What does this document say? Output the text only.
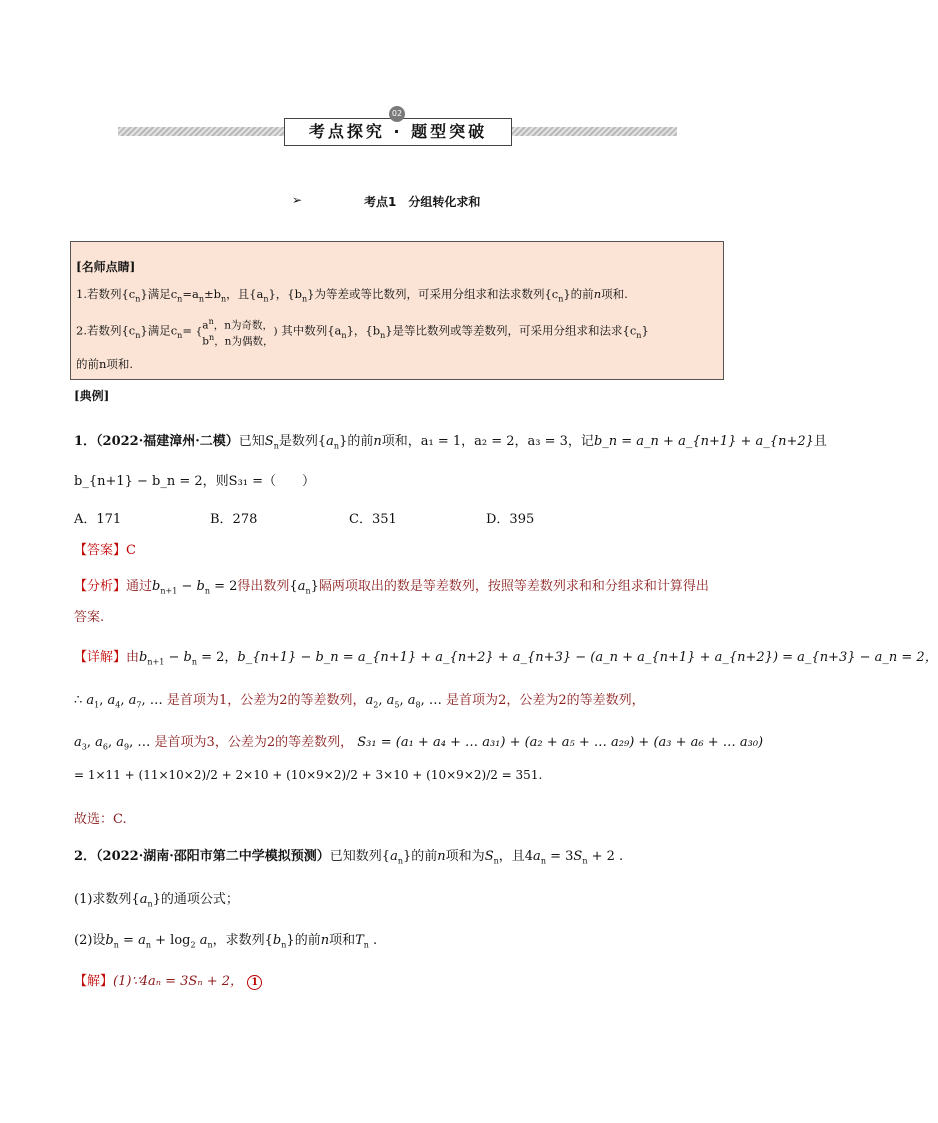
考点探究 · 题型突破
02
➢	考点1　分组转化求和
[名师点睛]
1.若数列$\{c_n\}$满足$c_n=a_n\pm b_n$，且$\{a_n\}$，$\{b_n\}$为等差或等比数列，可采用分组求和法求数列$\{c_n\}$的前n项和.
2.若数列$\{c_n\}$满足$c_n=$ { $a^n$，n为奇数，
$b^n$，n为偶数，
) 其中数列$\{a_n\}$，$\{b_n\}$是等比数列或等差数列，可采用分组求和法求$\{c_n\}$
的前n项和.
[典例]
1．（2022·福建漳州·二模）已知$S_n$是数列$\{a_n\}$的前n项和，a₁ = 1，a₂ = 2，a₃ = 3，记b_n = a_n + a_{n+1} + a_{n+2}且
b_{n+1} − b_n = 2，则S₃₁ =（　　）
A．171	B．278	C．351	D．395
【答案】C
【分析】通过$b_{n+1} - b_n = 2$得出数列$\{a_n\}$隔两项取出的数是等差数列，按照等差数列求和和分组求和计算得出
答案.
【详解】由$b_{n+1} - b_n = 2$，b_{n+1} − b_n = a_{n+1} + a_{n+2} + a_{n+3} − (a_n + a_{n+1} + a_{n+2}) = a_{n+3} − a_n = 2，
∴ $a_1$, $a_4$, $a_7$, … 是首项为1，公差为2的等差数列，$a_2$, $a_5$, $a_8$, … 是首项为2，公差为2的等差数列，
$a_3$, $a_6$, $a_9$, … 是首项为3，公差为2的等差数列， S₃₁ = (a₁ + a₄ + … a₃₁) + (a₂ + a₅ + … a₂₉) + (a₃ + a₆ + … a₃₀)
= 1×11 + (11×10×2)/2 + 2×10 + (10×9×2)/2 + 3×10 + (10×9×2)/2 = 351.
故选：C.
2．（2022·湖南·邵阳市第二中学模拟预测）已知数列$\{a_n\}$的前n项和为$S_n$，且$4a_n = 3S_n + 2$ .
(1)求数列$\{a_n\}$的通项公式；
(2)设$b_n = a_n + \log_2 a_n$，求数列$\{b_n\}$的前n项和$T_n$ .
【解】(1)∵4aₙ = 3Sₙ + 2， 1
